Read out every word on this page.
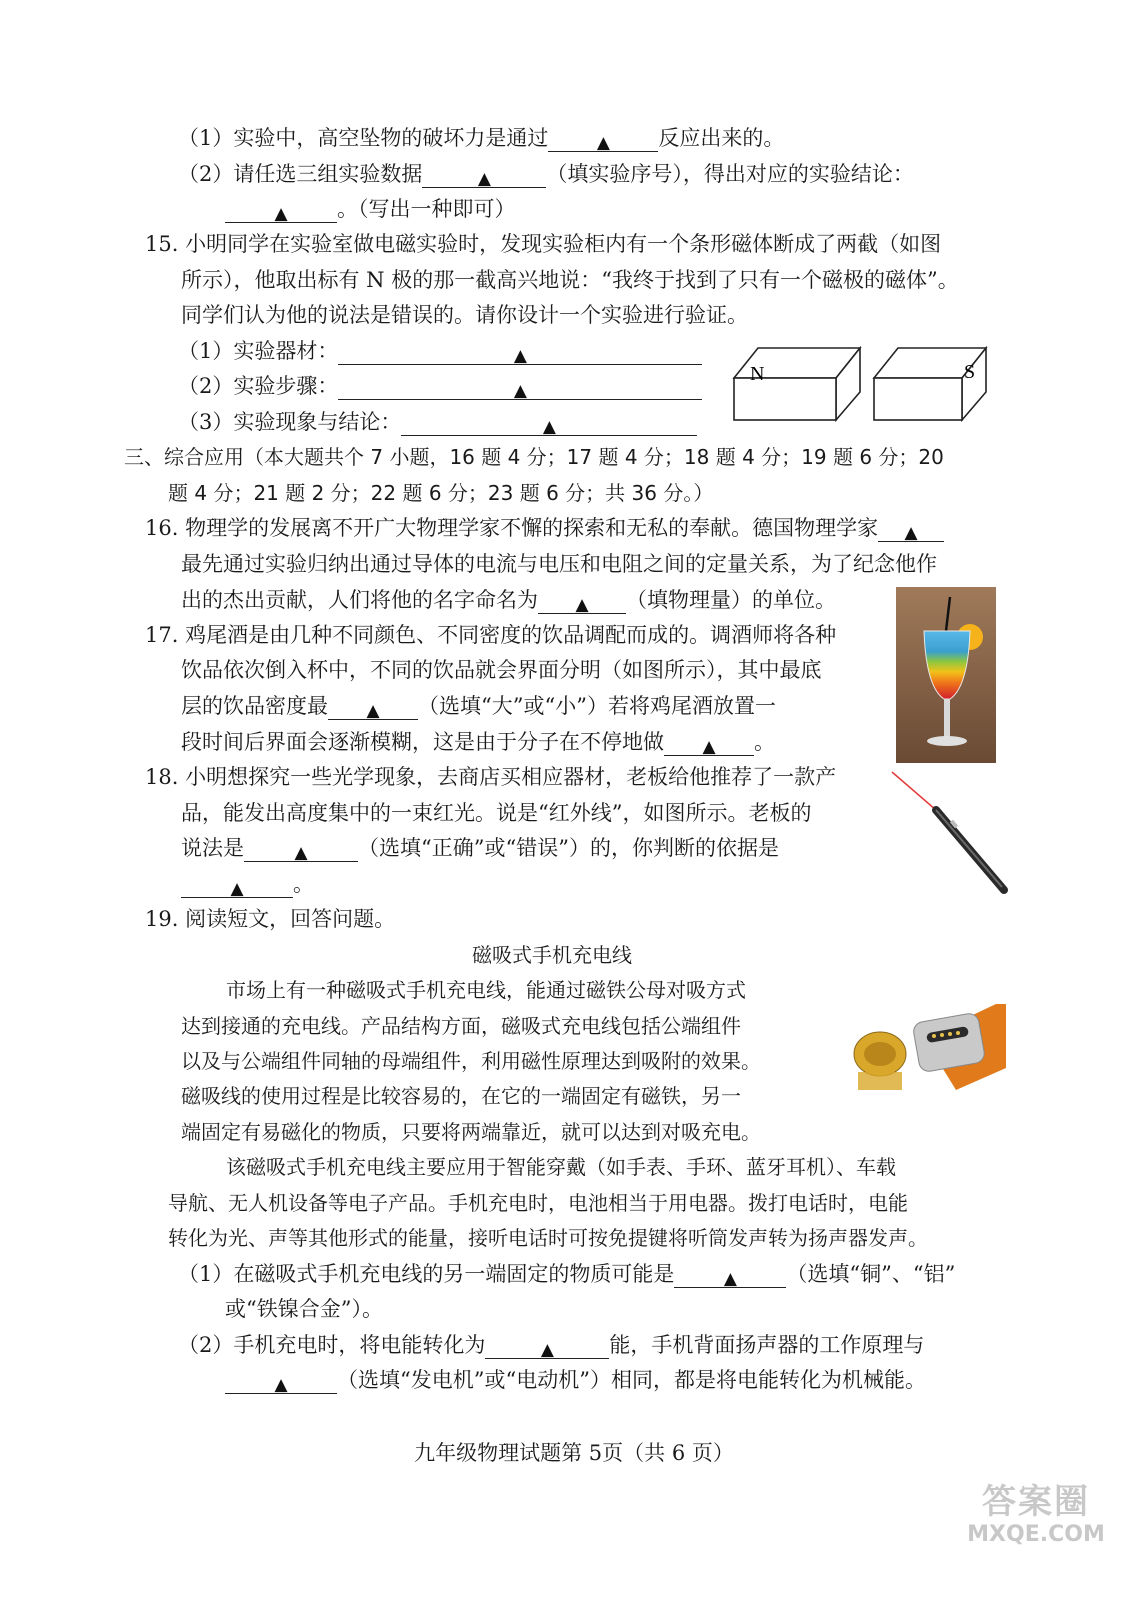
（1）实验中，高空坠物的破坏力是通过	▲ 反应出来的。
（2）请任选三组实验数据	▲	（填实验序号），得出对应的实验结论：
▲ 。（写出一种即可）
15. 小明同学在实验室做电磁实验时，发现实验柜内有一个条形磁体断成了两截（如图
所示），他取出标有 N 极的那一截高兴地说：“我终于找到了只有一个磁极的磁体”。
同学们认为他的说法是错误的。请你设计一个实验进行验证。
（1）实验器材：	▲
（2）实验步骤：	▲
（3）实验现象与结论：	▲
N	S
三、综合应用（本大题共个 7 小题，16 题 4 分；17 题 4 分；18 题 4 分；19 题 6 分；20
题 4 分；21 题 2 分；22 题 6 分；23 题 6 分；共 36 分。）
16. 物理学的发展离不开广大物理学家不懈的探索和无私的奉献。德国物理学家 ▲
最先通过实验归纳出通过导体的电流与电压和电阻之间的定量关系，为了纪念他作
出的杰出贡献，人们将他的名字命名为 ▲ （填物理量）的单位。
17. 鸡尾酒是由几种不同颜色、不同密度的饮品调配而成的。调酒师将各种
饮品依次倒入杯中，不同的饮品就会界面分明（如图所示），其中最底
层的饮品密度最 ▲ （选填“大”或“小”）若将鸡尾酒放置一
段时间后界面会逐渐模糊，这是由于分子在不停地做 ▲ 。
18. 小明想探究一些光学现象，去商店买相应器材，老板给他推荐了一款产
品，能发出高度集中的一束红光。说是“红外线”，如图所示。老板的
说法是	▲ （选填“正确”或“错误”）的，你判断的依据是
▲ 。
19. 阅读短文，回答问题。
磁吸式手机充电线
市场上有一种磁吸式手机充电线，能通过磁铁公母对吸方式
达到接通的充电线。产品结构方面，磁吸式充电线包括公端组件
以及与公端组件同轴的母端组件，利用磁性原理达到吸附的效果。
磁吸线的使用过程是比较容易的，在它的一端固定有磁铁，另一
端固定有易磁化的物质，只要将两端靠近，就可以达到对吸充电。
该磁吸式手机充电线主要应用于智能穿戴（如手表、手环、蓝牙耳机）、车载
导航、无人机设备等电子产品。手机充电时，电池相当于用电器。拨打电话时，电能
转化为光、声等其他形式的能量，接听电话时可按免提键将听筒发声转为扬声器发声。
（1）在磁吸式手机充电线的另一端固定的物质可能是	▲ （选填“铜”、“铝”
或“铁镍合金”）。
（2）手机充电时，将电能转化为	▲	能，手机背面扬声器的工作原理与
▲ （选填“发电机”或“电动机”）相同，都是将电能转化为机械能。
九年级物理试题第 5页（共 6 页）
答案圈
MXQE.COM
